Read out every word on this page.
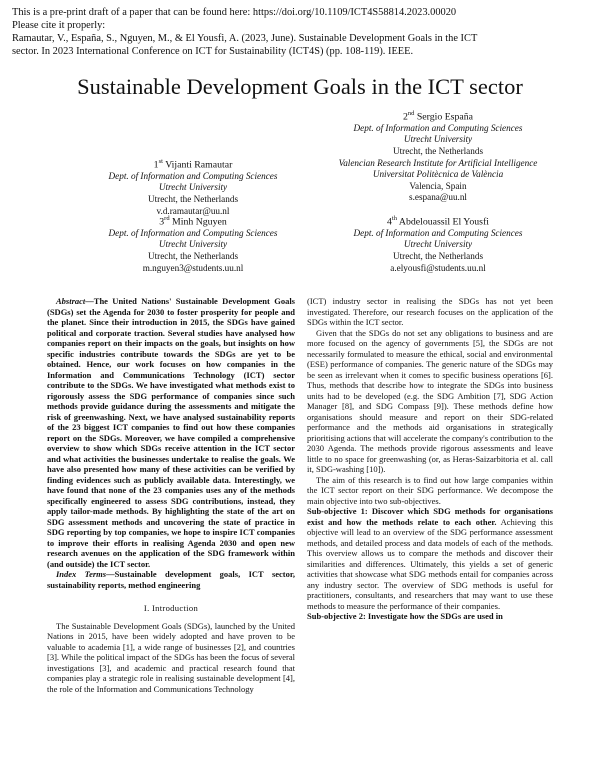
This is a pre-print draft of a paper that can be found here: https://doi.org/10.1109/ICT4S58814.2023.00020
Please cite it properly:
Ramautar, V., España, S., Nguyen, M., & El Yousfi, A. (2023, June). Sustainable Development Goals in the ICT
sector. In 2023 International Conference on ICT for Sustainability (ICT4S) (pp. 108-119). IEEE.
Sustainable Development Goals in the ICT sector
1st Vijanti Ramautar
Dept. of Information and Computing Sciences
Utrecht University
Utrecht, the Netherlands
v.d.ramautar@uu.nl
2nd Sergio España
Dept. of Information and Computing Sciences
Utrecht University
Utrecht, the Netherlands
Valencian Research Institute for Artificial Intelligence
Universitat Politècnica de València
Valencia, Spain
s.espana@uu.nl
3rd Minh Nguyen
Dept. of Information and Computing Sciences
Utrecht University
Utrecht, the Netherlands
m.nguyen3@students.uu.nl
4th Abdelouassil El Yousfi
Dept. of Information and Computing Sciences
Utrecht University
Utrecht, the Netherlands
a.elyousfi@students.uu.nl

Abstract—The United Nations' Sustainable Development Goals (SDGs) set the Agenda for 2030 to foster prosperity for people and the planet. Since their introduction in 2015, the SDGs have gained political and corporate traction. Several studies have analysed how companies report on their impacts on the goals, but insights on how specific industries contribute towards the SDGs are yet to be obtained. Hence, our work focuses on how companies in the Information and Communications Technology (ICT) sector contribute to the SDGs. We have investigated what methods exist to rigorously assess the SDG performance of companies since such methods provide guidance during the assessments and mitigate the risk of greenwashing. Next, we have analysed sustainability reports of the 23 biggest ICT companies to find out how these companies report on the SDGs. Moreover, we have compiled a comprehensive overview to show which SDGs receive attention in the ICT sector and what activities the businesses undertake to realise the goals. We have also presented how many of these activities can be verified by finding evidences such as publicly available data. Interestingly, we have found that none of the 23 companies uses any of the methods specifically engineered to assess SDG contributions, instead, they apply tailor-made methods. By highlighting the state of the art on SDG assessment methods and uncovering the state of practice in SDG reporting by top companies, we hope to inspire ICT companies to improve their efforts in realising Agenda 2030 and open new research avenues on the application of the SDG framework within (and outside) the ICT sector.

Index Terms—Sustainable development goals, ICT sector, sustainability reports, method engineering

I. Introduction

The Sustainable Development Goals (SDGs), launched by the United Nations in 2015, have been widely adopted and have proven to be valuable to academia [1], a wide range of businesses [2], and countries [3]. While the political impact of the SDGs has been the focus of several investigations [3], and academic and practical research found that companies play a strategic role in realising sustainable development [4], the role of the Information and Communications Technology

(ICT) industry sector in realising the SDGs has not yet been investigated. Therefore, our research focuses on the application of the SDGs within the ICT sector.

Given that the SDGs do not set any obligations to business and are more focused on the agency of governments [5], the SDGs are not necessarily formulated to measure the ethical, social and environmental (ESE) performance of companies. The generic nature of the SDGs may be seen as irrelevant when it comes to specific business operations [6]. Thus, methods that describe how to integrate the SDGs into business units had to be developed (e.g. the SDG Ambition [7], SDG Action Manager [8], and SDG Compass [9]). These methods define how organisations should measure and report on their SDG-related performance and the methods aid organisations in strategically prioritising actions that will accelerate the company's contribution to the 2030 Agenda. The methods provide rigorous assessments and leave little to no space for greenwashing (or, as Heras-Saizarbitoria et al. call it, SDG-washing [10]).

The aim of this research is to find out how large companies within the ICT sector report on their SDG performance. We decompose the main objective into two sub-objectives.

Sub-objective 1: Discover which SDG methods for organisations exist and how the methods relate to each other. Achieving this objective will lead to an overview of the SDG performance assessment methods, and detailed process and data models of each of the methods. This overview allows us to compare the methods and discover their similarities and differences. Ultimately, this yields a set of generic activities that showcase what SDG methods entail for companies across any industry sector. The overview of SDG methods is useful for practitioners, consultants, and researchers that may want to use these methods to measure the performance of their companies.

Sub-objective 2: Investigate how the SDGs are used in
